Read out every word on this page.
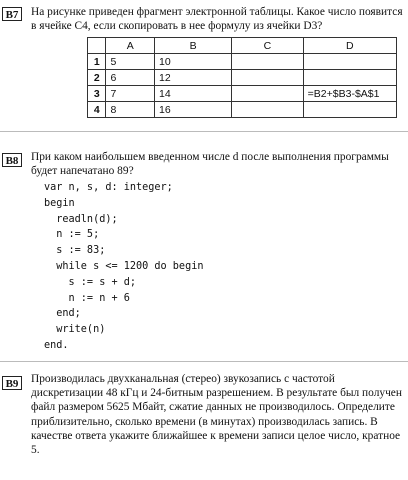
B7	На рисунке приведен фрагмент электронной таблицы. Какое число появится в ячейке С4, если скопировать в нее формулу из ячейки D3?
	A	B	C	D
1	5	10		
2	6	12		
3	7	14		=B2+$B3-$A$1
4	8	16		
B8	При каком наибольшем введенном числе d после выполнения программы будет напечатано 89?
var n, s, d: integer;
begin
readln(d);
n := 5;
s := 83;
while s <= 1200 do begin
s := s + d;
n := n + 6
end;
write(n)
end.
B9	Производилась двухканальная (стерео) звукозапись с частотой дискретизации 48 кГц и 24-битным разрешением. В результате был получен файл размером 5625 Мбайт, сжатие данных не производилось. Определите приблизительно, сколько времени (в минутах) производилась запись. В качестве ответа укажите ближайшее к времени записи целое число, кратное 5.
